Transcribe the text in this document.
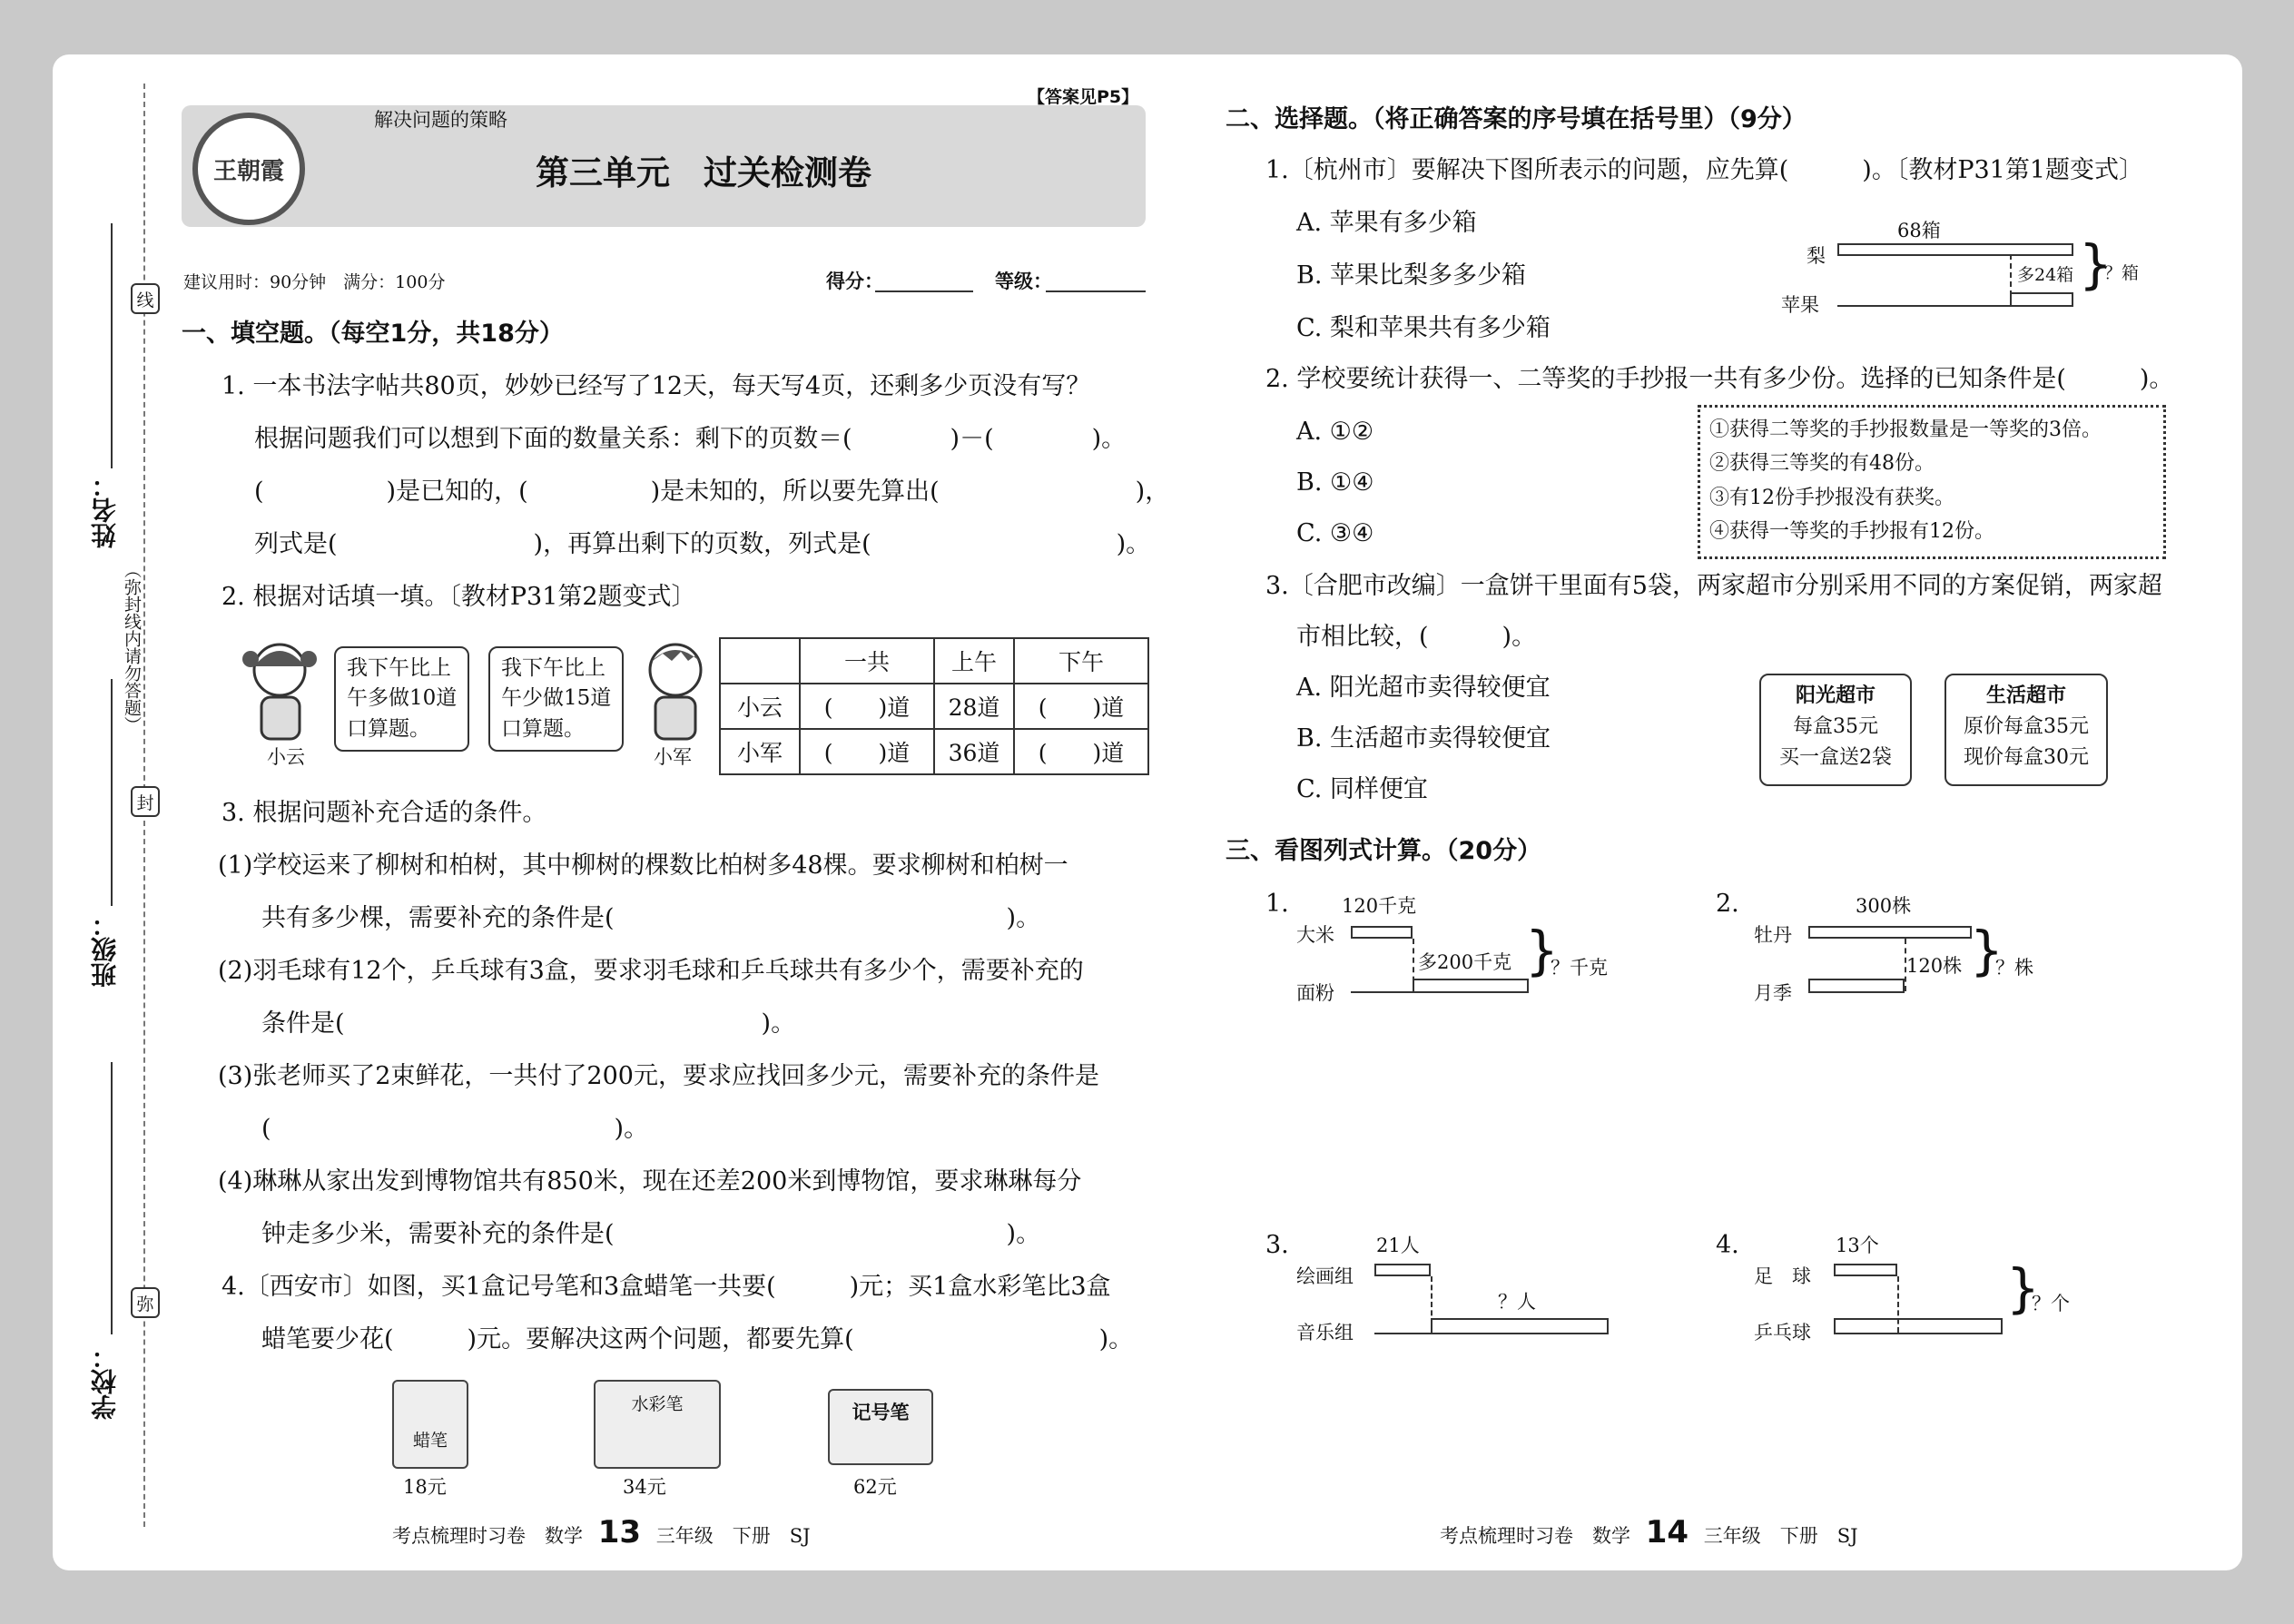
线
封
弥
姓名：
班级：
学校：
（弥封线内请勿答题）
王朝霞
解决问题的策略
【答案见P5】
第三单元　过关检测卷
建议用时：90分钟　满分：100分	得分：	等级：
一、填空题。（每空1分，共18分）
1. 一本书法字帖共80页，妙妙已经写了12天，每天写4页，还剩多少页没有写？
根据问题我们可以想到下面的数量关系：剩下的页数＝(　　　　)－(　　　　)。
(　　　　　)是已知的，(　　　　　)是未知的，所以要先算出(　　　　　　　　)，
列式是(　　　　　　　　)，再算出剩下的页数，列式是(　　　　　　　　　　)。
2. 根据对话填一填。〔教材P31第2题变式〕
小云
我下午比上
午多做10道
口算题。
我下午比上
午少做15道
口算题。
小军
	一共	上午	下午
小云	(　　)道	28道	(　　)道
小军	(　　)道	36道	(　　)道
3. 根据问题补充合适的条件。
(1)学校运来了柳树和柏树，其中柳树的棵数比柏树多48棵。要求柳树和柏树一
共有多少棵，需要补充的条件是(　　　　　　　　　　　　　　　　)。
(2)羽毛球有12个，乒乓球有3盒，要求羽毛球和乒乓球共有多少个，需要补充的
条件是(　　　　　　　　　　　　　　　　　)。
(3)张老师买了2束鲜花，一共付了200元，要求应找回多少元，需要补充的条件是
(　　　　　　　　　　　　　　)。
(4)琳琳从家出发到博物馆共有850米，现在还差200米到博物馆，要求琳琳每分
钟走多少米，需要补充的条件是(　　　　　　　　　　　　　　　　)。
4.〔西安市〕如图，买1盒记号笔和3盒蜡笔一共要(　　　)元；买1盒水彩笔比3盒
蜡笔要少花(　　　)元。要解决这两个问题，都要先算(　　　　　　　　　　)。
蜡笔
18元
水彩笔
34元
记号笔
62元
二、选择题。（将正确答案的序号填在括号里）（9分）
1.〔杭州市〕要解决下图所表示的问题，应先算(　　　)。〔教材P31第1题变式〕
A. 苹果有多少箱
B. 苹果比梨多多少箱
C. 梨和苹果共有多少箱
68箱
梨
苹果
多24箱 }
？箱
2. 学校要统计获得一、二等奖的手抄报一共有多少份。选择的已知条件是(　　　)。
A. ①②
B. ①④
C. ③④
①获得二等奖的手抄报数量是一等奖的3倍。
②获得三等奖的有48份。
③有12份手抄报没有获奖。
④获得一等奖的手抄报有12份。
3.〔合肥市改编〕一盒饼干里面有5袋，两家超市分别采用不同的方案促销，两家超
市相比较，(　　　)。
A. 阳光超市卖得较便宜
B. 生活超市卖得较便宜
C. 同样便宜
阳光超市
每盒35元
买一盒送2袋
生活超市
原价每盒35元
现价每盒30元
三、看图列式计算。（20分）
1.	120千克
大米
多200千克
面粉
}
？千克
2.	300株
牡丹
120株
月季
}
？株
3.	21人
绘画组
？人
音乐组
4.	13个
足　球
乒乓球
}
？个
考点梳理时习卷　数学 13 三年级　下册　SJ	考点梳理时习卷　数学 14 三年级　下册　SJ
